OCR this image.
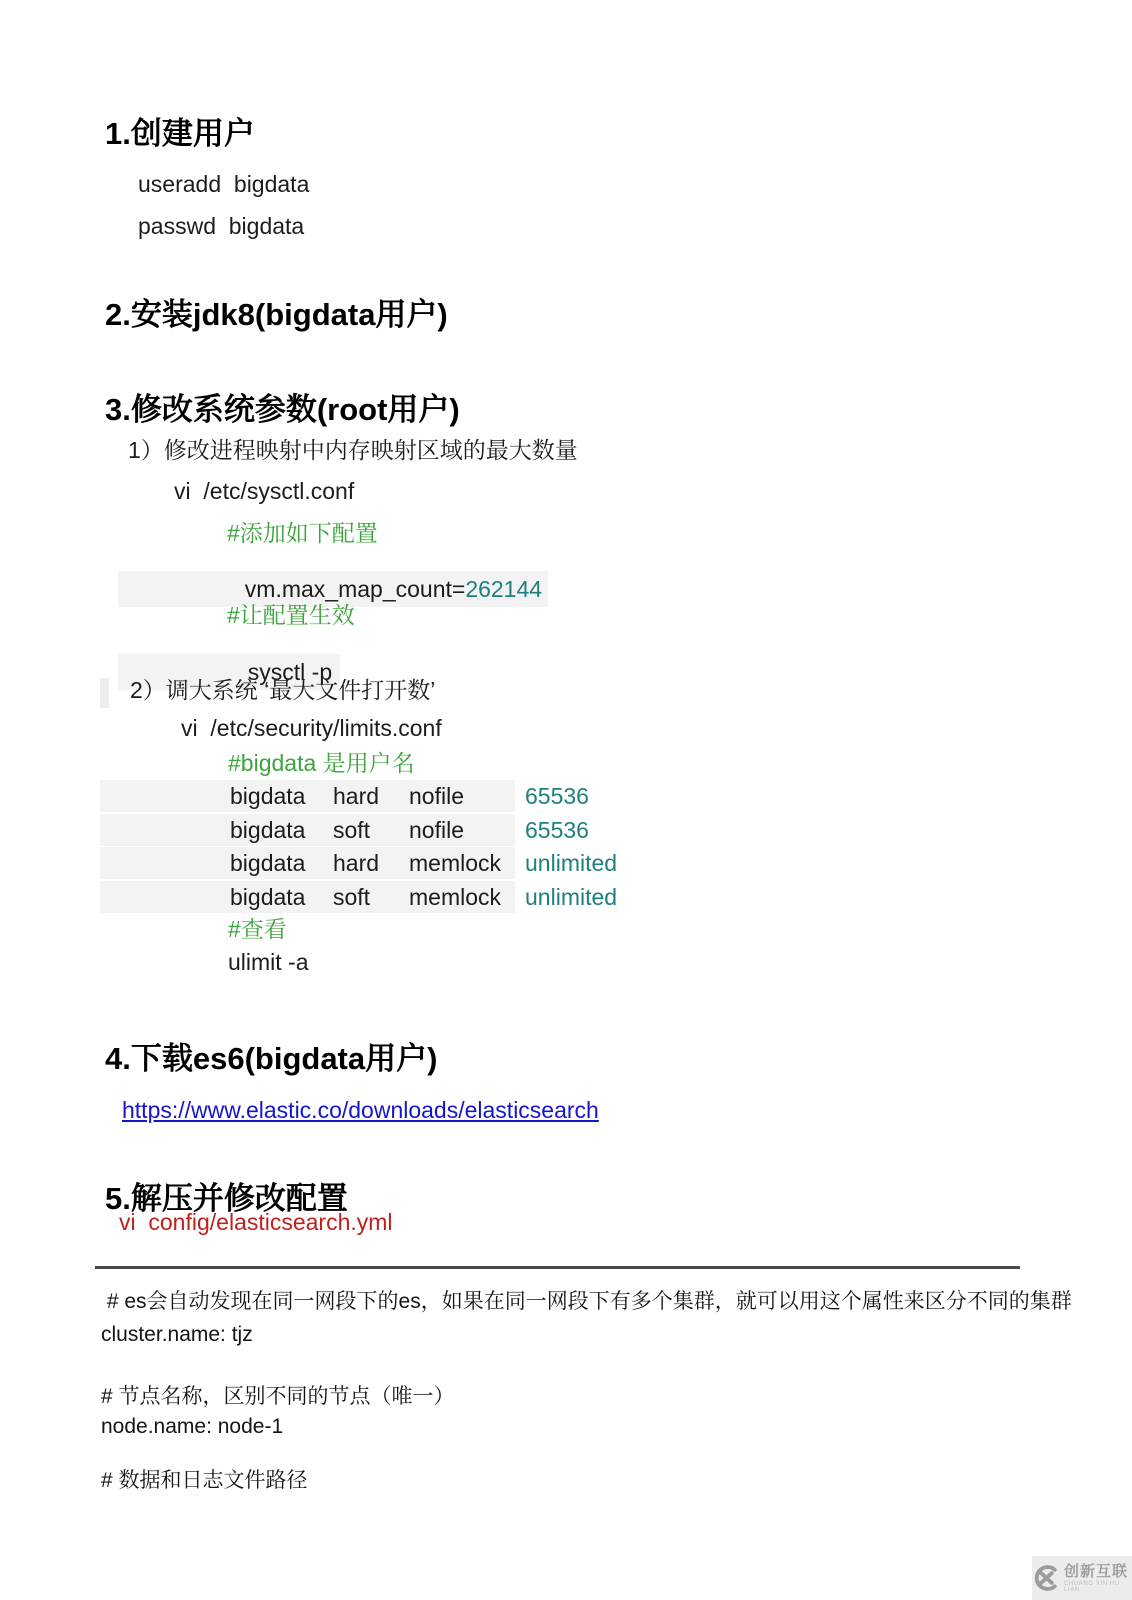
1.创建用户
useradd  bigdata
passwd  bigdata
2.安装jdk8(bigdata用户)
3.修改系统参数(root用户)
1）修改进程映射中内存映射区域的最大数量
vi  /etc/sysctl.conf
#添加如下配置

vm.max_map_count= 262144

#让配置生效

sysctl -p

2）调大系统 ‘最大文件打开数’
vi  /etc/security/limits.conf
#bigdata 是用户名
bigdata	hard	nofile	65536
bigdata	soft	nofile	65536
bigdata	hard	memlock	unlimited
bigdata	soft	memlock	unlimited
#查看
ulimit -a
4.下载es6(bigdata用户)
https://www.elastic.co/downloads/elasticsearch
5.解压并修改配置
vi  config/elasticsearch.yml
# es会自动发现在同一网段下的es，如果在同一网段下有多个集群，就可以用这个属性来区分不同的集群
cluster.name: tjz
# 节点名称，区别不同的节点（唯一）
node.name: node-1
# 数据和日志文件路径
创新互联
CHUANG XIN HU LIAN
